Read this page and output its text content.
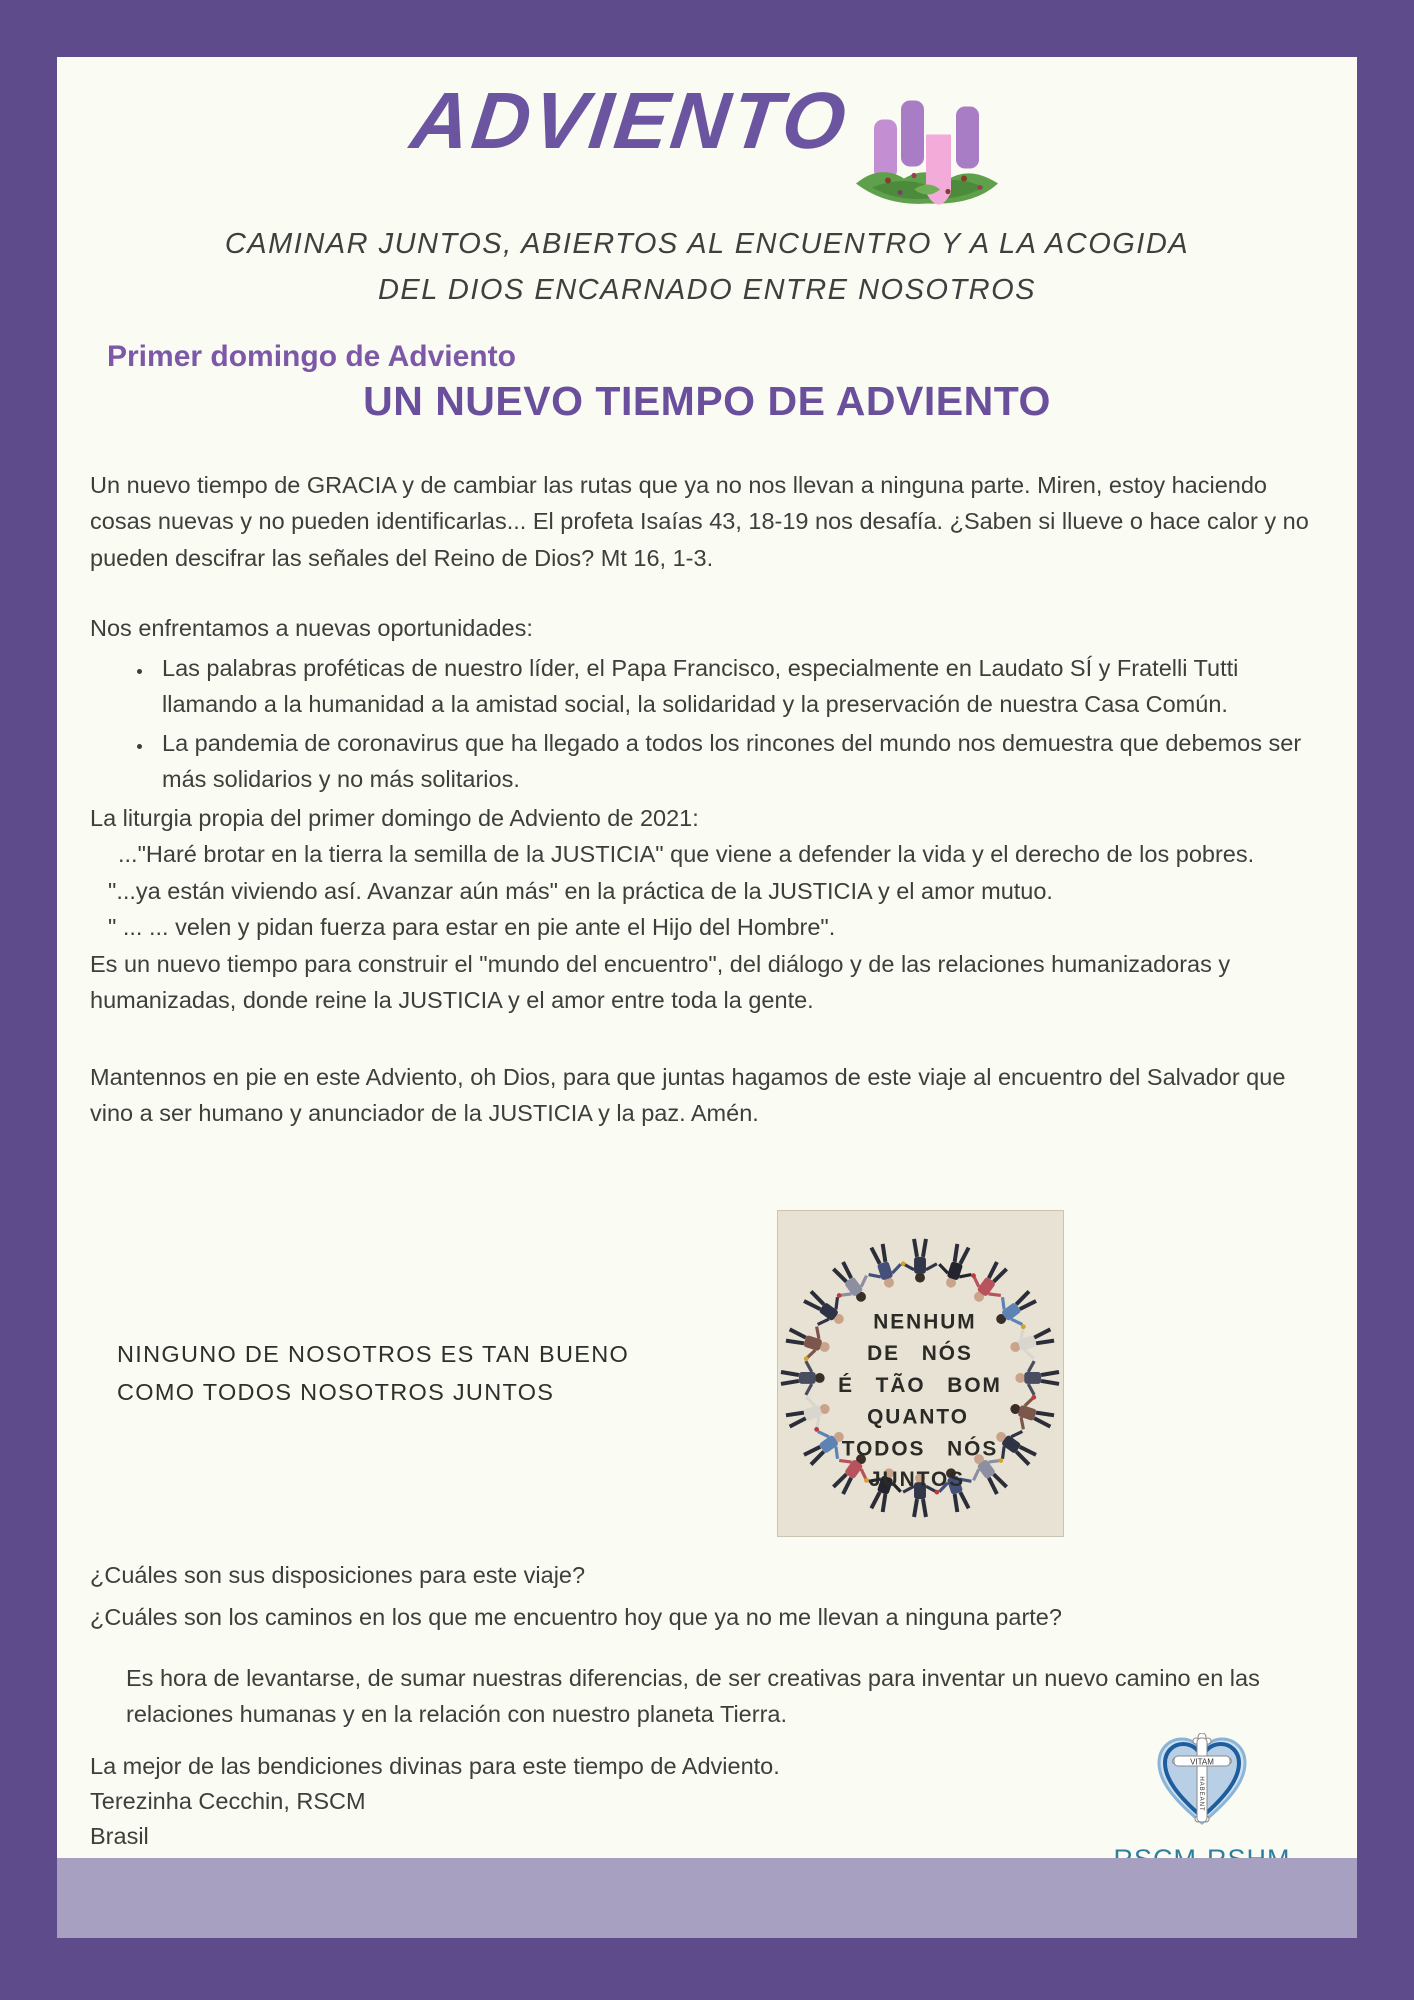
ADVIENTO
CAMINAR JUNTOS, ABIERTOS AL ENCUENTRO Y A LA ACOGIDA
DEL DIOS ENCARNADO ENTRE NOSOTROS
Primer domingo de Adviento
UN NUEVO TIEMPO DE ADVIENTO

Un nuevo tiempo de GRACIA y de cambiar las rutas que ya no nos llevan a ninguna parte. Miren, estoy haciendo cosas nuevas y no pueden identificarlas... El profeta Isaías 43, 18-19 nos desafía. ¿Saben si llueve o hace calor y no pueden descifrar las señales del Reino de Dios? Mt 16, 1-3.

Nos enfrentamos a nuevas oportunidades:

• Las palabras proféticas de nuestro líder, el Papa Francisco, especialmente en Laudato SÍ y Fratelli Tutti llamando a la humanidad a la amistad social, la solidaridad y la preservación de nuestra Casa Común.
• La pandemia de coronavirus que ha llegado a todos los rincones del mundo nos demuestra que debemos ser más solidarios y no más solitarios.

La liturgia propia del primer domingo de Adviento de 2021:

..."Haré brotar en la tierra la semilla de la JUSTICIA" que viene a defender la vida y el derecho de los pobres.

"...ya están viviendo así. Avanzar aún más" en la práctica de la JUSTICIA y el amor mutuo.

" ... ... velen y pidan fuerza para estar en pie ante el Hijo del Hombre".

Es un nuevo tiempo para construir el "mundo del encuentro", del diálogo y de las relaciones humanizadoras y humanizadas, donde reine la JUSTICIA y el amor entre toda la gente.

Mantennos en pie en este Adviento, oh Dios, para que juntas hagamos de este viaje al encuentro del Salvador que vino a ser humano y anunciador de la JUSTICIA y la paz. Amén.

NINGUNO DE NOSOTROS ES TAN BUENO
COMO TODOS NOSOTROS JUNTOS
NENHUM
DE NÓS
É TÃO BOM
QUANTO
TODOS NÓS
JUNTOS

¿Cuáles son sus disposiciones para este viaje?

¿Cuáles son los caminos en los que me encuentro hoy que ya no me llevan a ninguna parte?

Es hora de levantarse, de sumar nuestras diferencias, de ser creativas para inventar un nuevo camino en las relaciones humanas y en la relación con nuestro planeta Tierra.

La mejor de las bendiciones divinas para este tiempo de Adviento.

Terezinha Cecchin, RSCM

Brasil

VITAM
HABEANT
